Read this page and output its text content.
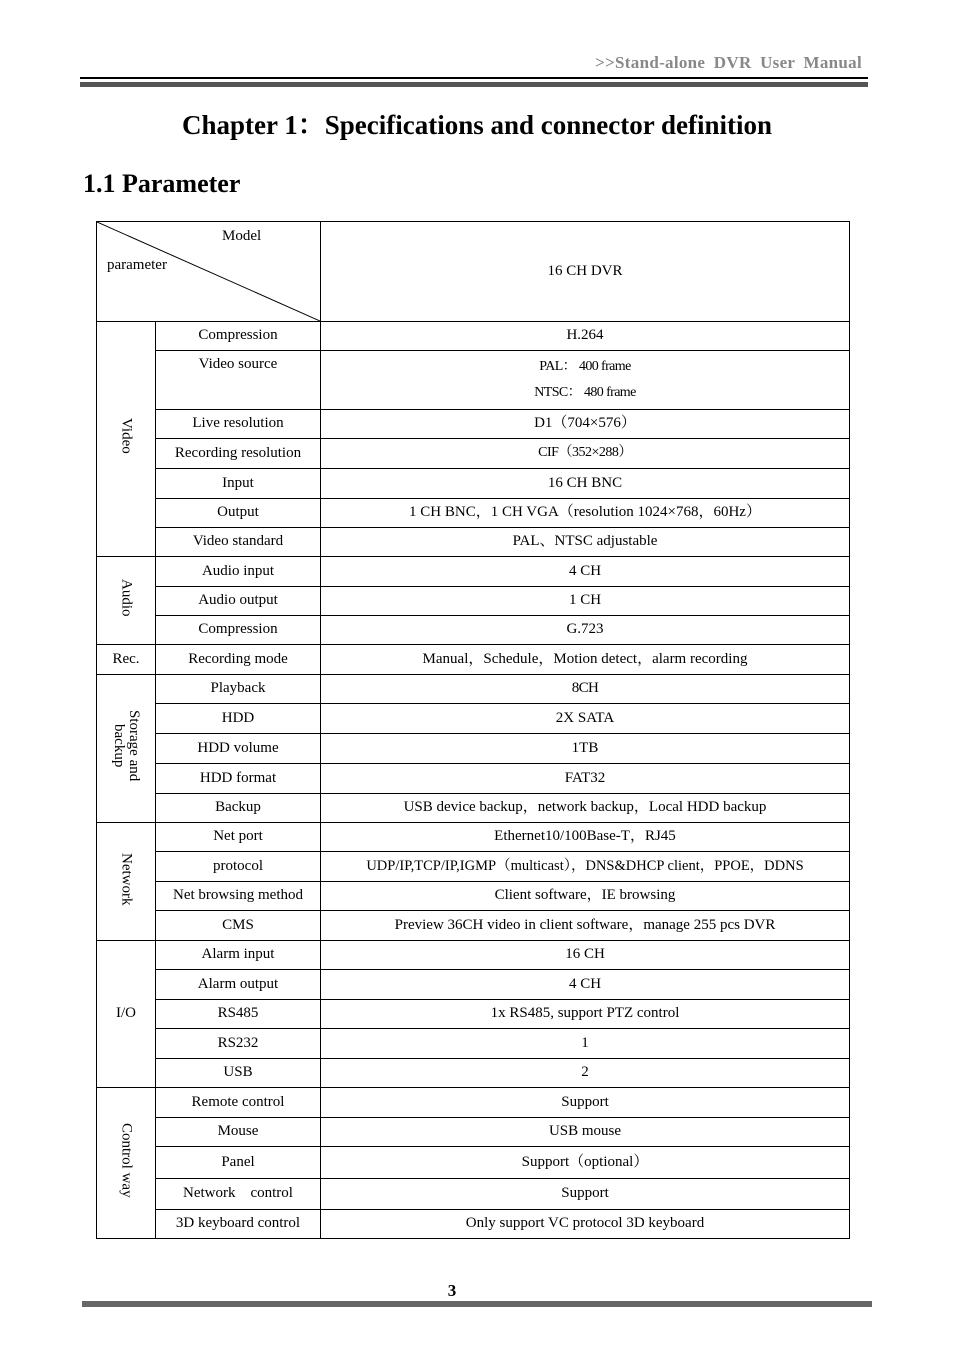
>>Stand-alone DVR User Manual
Chapter 1：Specifications and connector definition
1.1 Parameter
Model
parameter		16 CH DVR
Video	Compression	H.264
	Video source	PAL： 400 frame
NTSC： 480 frame

	Live resolution	D1（704×576）
	Recording resolution	CIF（352×288）
	Input	16 CH BNC
	Output	1 CH BNC，1 CH VGA（resolution 1024×768，60Hz）
	Video standard	PAL、NTSC adjustable
Audio	Audio input	4 CH
	Audio output	1 CH
	Compression	G.723
Rec.	Recording mode	Manual，Schedule，Motion detect，alarm recording
Storage and backup	Playback	8CH
	HDD	2X SATA
	HDD volume	1TB
	HDD format	FAT32
	Backup	USB device backup，network backup，Local HDD backup
Network	Net port	Ethernet10/100Base-T，RJ45
	protocol	UDP/IP,TCP/IP,IGMP（multicast），DNS&DHCP client，PPOE，DDNS
	Net browsing method	Client software，IE browsing
	CMS	Preview 36CH video in client software，manage 255 pcs DVR
I/O	Alarm input	16 CH
	Alarm output	4 CH
	RS485	1x RS485, support PTZ control
	RS232	1
	USB	2
Control way	Remote control	Support
	Mouse	USB mouse
	Panel	Support（optional）
	Network　control	Support
	3D keyboard control	Only support VC protocol 3D keyboard
3
